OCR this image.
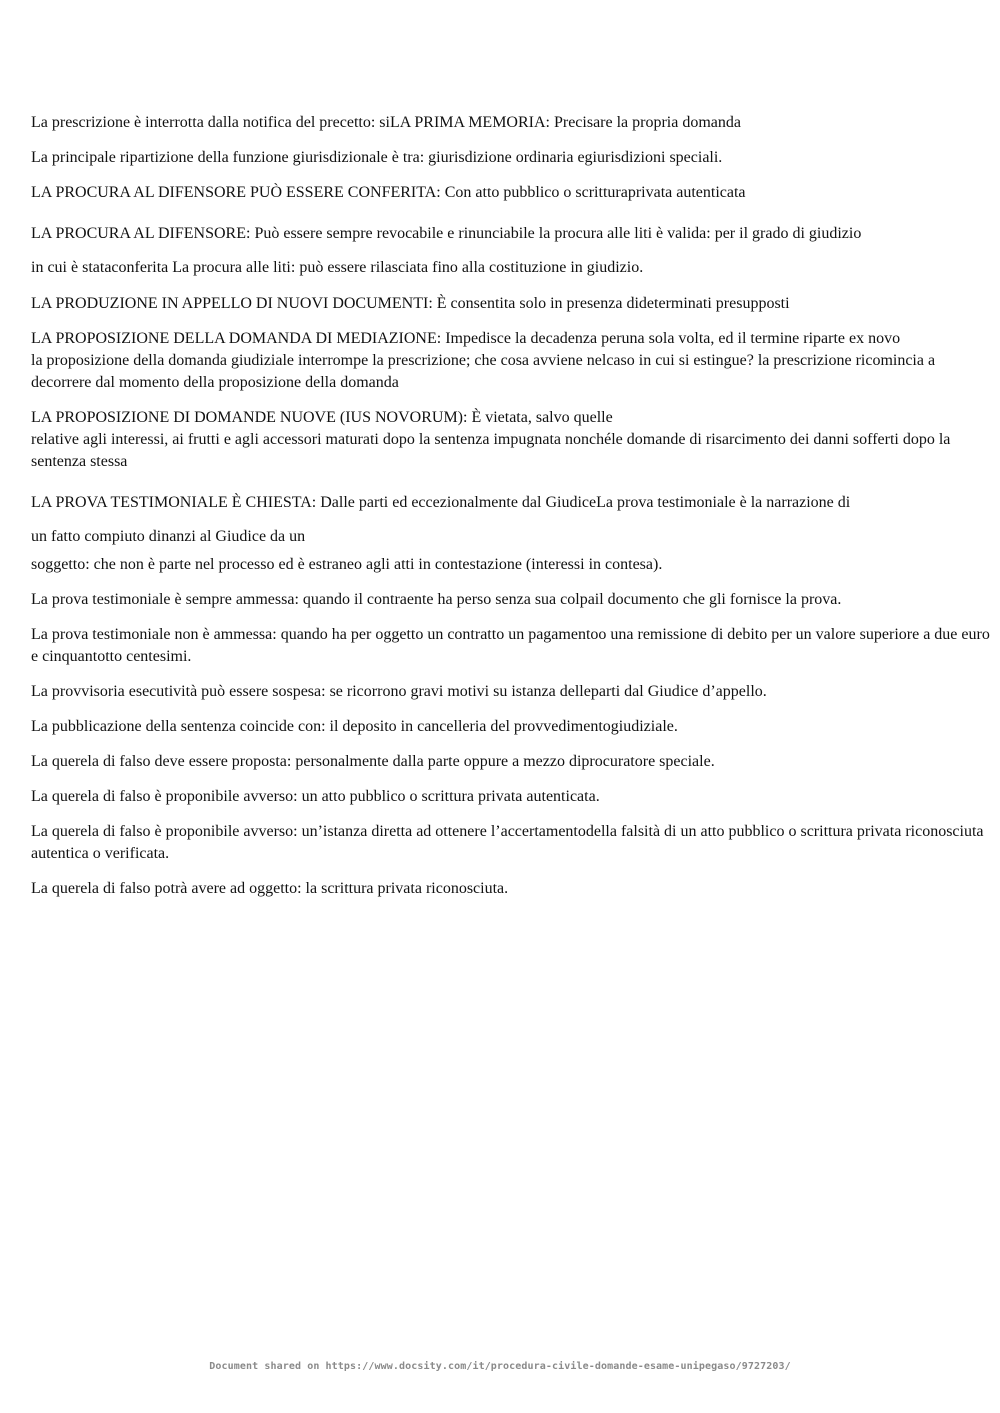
La prescrizione è interrotta dalla notifica del precetto: siLA PRIMA MEMORIA: Precisare la propria domanda

La principale ripartizione della funzione giurisdizionale è tra: giurisdizione ordinaria egiurisdizioni speciali.

LA PROCURA AL DIFENSORE PUÒ ESSERE CONFERITA: Con atto pubblico o scritturaprivata autenticata

LA PROCURA AL DIFENSORE: Può essere sempre revocabile e rinunciabile la procura alle liti è valida: per il grado di giudizio
in cui è stataconferita La procura alle liti: può essere rilasciata fino alla costituzione in giudizio.

LA PRODUZIONE IN APPELLO DI NUOVI DOCUMENTI: È consentita solo in presenza dideterminati presupposti

LA PROPOSIZIONE DELLA DOMANDA DI MEDIAZIONE: Impedisce la decadenza peruna sola volta, ed il termine riparte ex novo
la proposizione della domanda giudiziale interrompe la prescrizione; che cosa avviene nelcaso in cui si estingue? la prescrizione ricomincia a decorrere dal momento della proposizione della domanda

LA PROPOSIZIONE DI DOMANDE NUOVE (IUS NOVORUM): È vietata, salvo quelle
relative agli interessi, ai frutti e agli accessori maturati dopo la sentenza impugnata nonchéle domande di risarcimento dei danni sofferti dopo la sentenza stessa

LA PROVA TESTIMONIALE È CHIESTA: Dalle parti ed eccezionalmente dal GiudiceLa prova testimoniale è la narrazione di
un fatto compiuto dinanzi al Giudice da un

soggetto: che non è parte nel processo ed è estraneo agli atti in contestazione (interessi in contesa).

La prova testimoniale è sempre ammessa: quando il contraente ha perso senza sua colpail documento che gli fornisce la prova.

La prova testimoniale non è ammessa: quando ha per oggetto un contratto un pagamentoo una remissione di debito per un valore superiore a due euro e cinquantotto centesimi.

La provvisoria esecutività può essere sospesa: se ricorrono gravi motivi su istanza delleparti dal Giudice d’appello.

La pubblicazione della sentenza coincide con: il deposito in cancelleria del provvedimentogiudiziale.

La querela di falso deve essere proposta: personalmente dalla parte oppure a mezzo diprocuratore speciale.

La querela di falso è proponibile avverso: un atto pubblico o scrittura privata autenticata.

La querela di falso è proponibile avverso: un’istanza diretta ad ottenere l’accertamentodella falsità di un atto pubblico o scrittura privata riconosciuta autentica o verificata.

La querela di falso potrà avere ad oggetto: la scrittura privata riconosciuta.

Document shared on https://www.docsity.com/it/procedura-civile-domande-esame-unipegaso/9727203/
